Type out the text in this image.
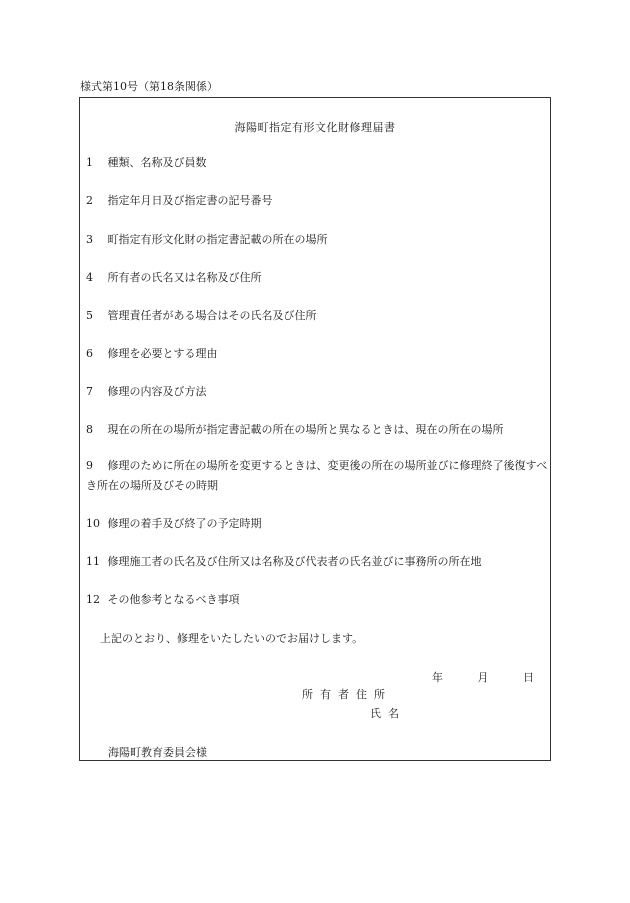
様式第10号（第18条関係）
海陽町指定有形文化財修理届書
1 種類、名称及び員数
2 指定年月日及び指定書の記号番号
3 町指定有形文化財の指定書記載の所在の場所
4 所有者の氏名又は名称及び住所
5 管理責任者がある場合はその氏名及び住所
6 修理を必要とする理由
7 修理の内容及び方法
8 現在の所在の場所が指定書記載の所在の場所と異なるときは、現在の所在の場所
9 修理のために所在の場所を変更するときは、変更後の所在の場所並びに修理終了後復すべき所在の場所及びその時期
10 修理の着手及び終了の予定時期
11 修理施工者の氏名及び住所又は名称及び代表者の氏名並びに事務所の所在地
12 その他参考となるべき事項
上記のとおり、修理をいたしたいのでお届けします。
年	月	日
所有者住所
氏名
海陽町教育委員会様
